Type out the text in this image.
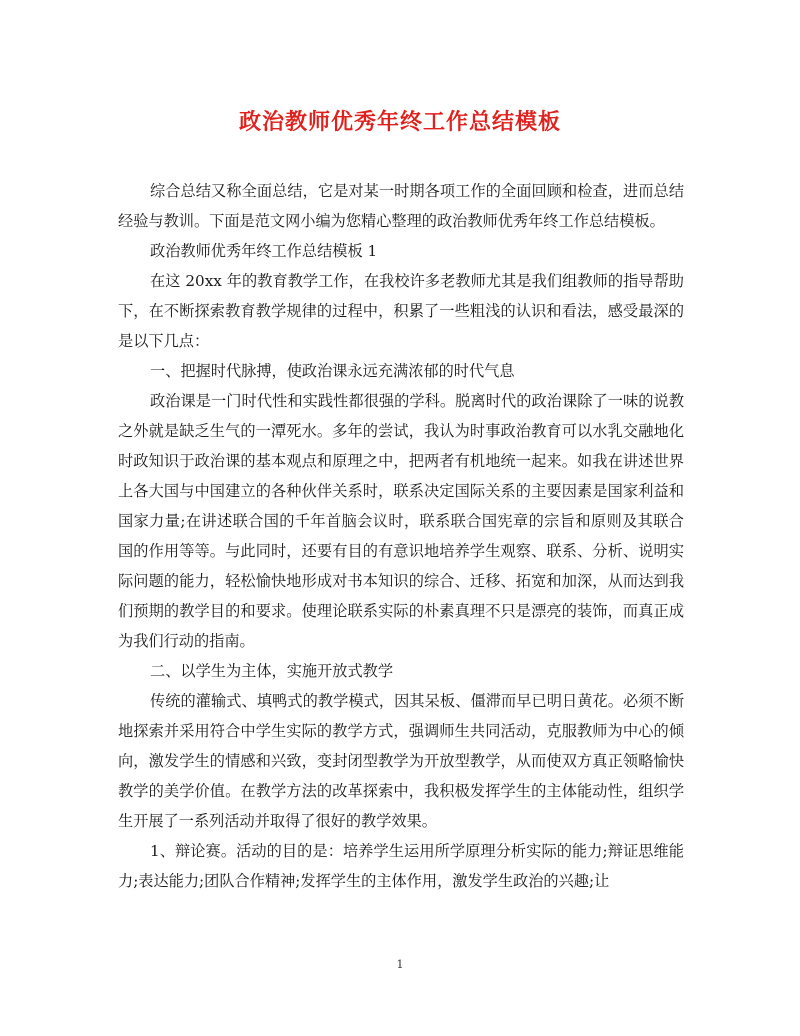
政治教师优秀年终工作总结模板

综合总结又称全面总结，它是对某一时期各项工作的全面回顾和检查，进而总结经验与教训。下面是范文网小编为您精心整理的政治教师优秀年终工作总结模板。

政治教师优秀年终工作总结模板 1

在这 20xx 年的教育教学工作，在我校许多老教师尤其是我们组教师的指导帮助下，在不断探索教育教学规律的过程中，积累了一些粗浅的认识和看法，感受最深的是以下几点：

一、把握时代脉搏，使政治课永远充满浓郁的时代气息

政治课是一门时代性和实践性都很强的学科。脱离时代的政治课除了一味的说教之外就是缺乏生气的一潭死水。多年的尝试，我认为时事政治教育可以水乳交融地化时政知识于政治课的基本观点和原理之中，把两者有机地统一起来。如我在讲述世界上各大国与中国建立的各种伙伴关系时，联系决定国际关系的主要因素是国家利益和国家力量;在讲述联合国的千年首脑会议时，联系联合国宪章的宗旨和原则及其联合国的作用等等。与此同时，还要有目的有意识地培养学生观察、联系、分析、说明实际问题的能力，轻松愉快地形成对书本知识的综合、迁移、拓宽和加深，从而达到我们预期的教学目的和要求。使理论联系实际的朴素真理不只是漂亮的装饰，而真正成为我们行动的指南。

二、以学生为主体，实施开放式教学

传统的灌输式、填鸭式的教学模式，因其呆板、僵滞而早已明日黄花。必须不断地探索并采用符合中学生实际的教学方式，强调师生共同活动，克服教师为中心的倾向，激发学生的情感和兴致，变封闭型教学为开放型教学，从而使双方真正领略愉快教学的美学价值。在教学方法的改革探索中，我积极发挥学生的主体能动性，组织学生开展了一系列活动并取得了很好的教学效果。

1、辩论赛。活动的目的是：培养学生运用所学原理分析实际的能力;辩证思维能力;表达能力;团队合作精神;发挥学生的主体作用，激发学生政治的兴趣;让

1
